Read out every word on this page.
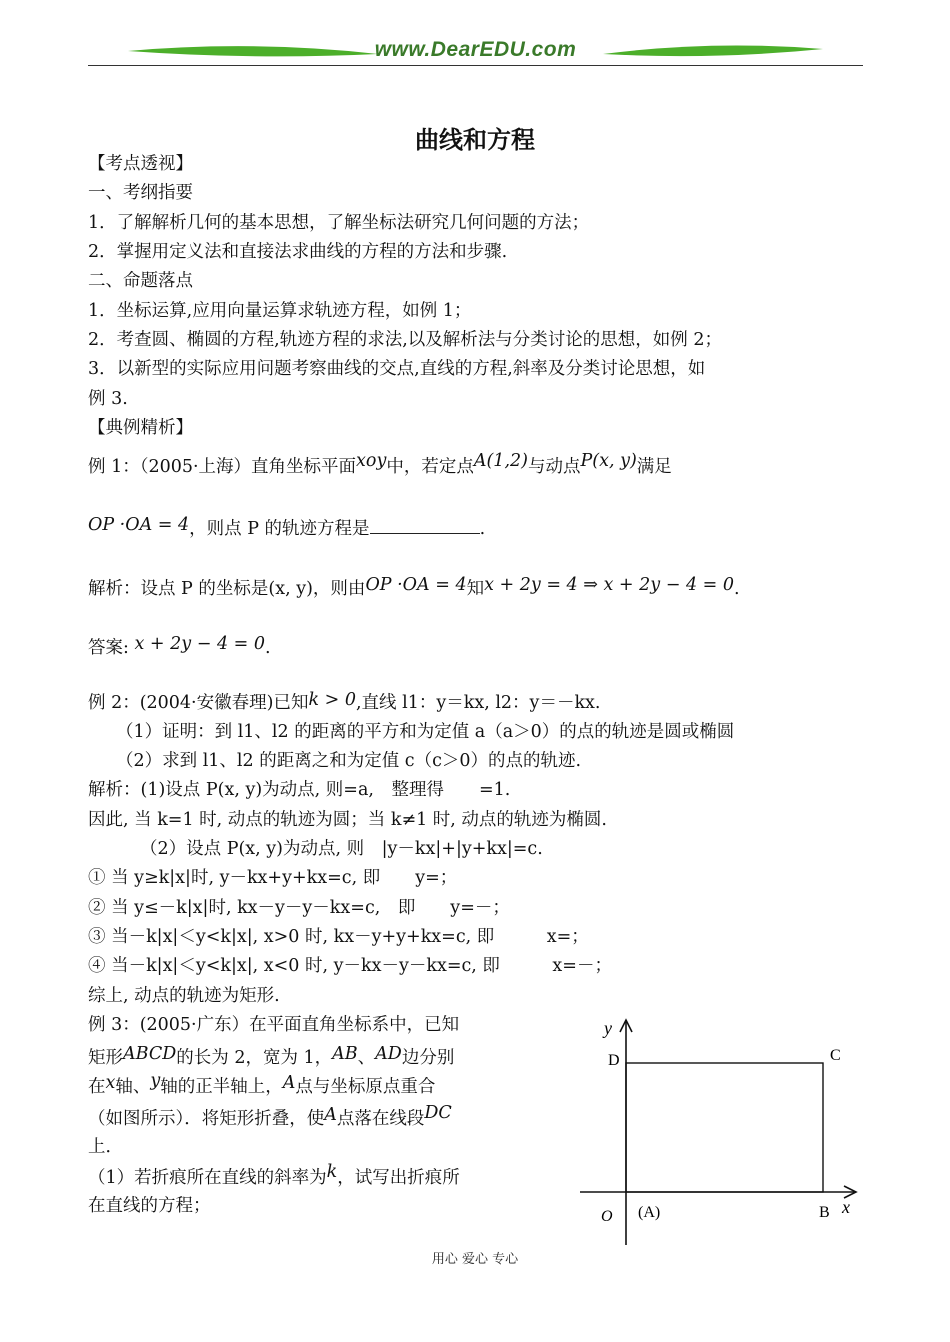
www.DearEDU.com
曲线和方程
【考点透视】
一、考纲指要
1．了解解析几何的基本思想，了解坐标法研究几何问题的方法；
2．掌握用定义法和直接法求曲线的方程的方法和步骤.
二、命题落点
1．坐标运算,应用向量运算求轨迹方程，如例 1；
2．考查圆、椭圆的方程,轨迹方程的求法,以及解析法与分类讨论的思想，如例 2；
3．以新型的实际应用问题考察曲线的交点,直线的方程,斜率及分类讨论思想，如
例 3.
【典例精析】
例 1：（2005·上海）直角坐标平面xoy中，若定点A(1,2)与动点P(x, y)满足
OP ·OA = 4，则点 P 的轨迹方程是	.
解析：设点 P 的坐标是(x, y)，则由OP ·OA = 4知x + 2y = 4 ⇒ x + 2y − 4 = 0.
答案: x + 2y − 4 = 0.
例 2：(2004·安徽春理)已知k > 0,直线 l1：y＝kx, l2：y＝－kx.
（1）证明：到 l1、l2 的距离的平方和为定值 a（a＞0）的点的轨迹是圆或椭圆
（2）求到 l1、l2 的距离之和为定值 c（c＞0）的点的轨迹.
解析：(1)设点 P(x, y)为动点, 则=a,　整理得　　=1.
因此, 当 k=1 时, 动点的轨迹为圆；当 k≠1 时, 动点的轨迹为椭圆.
（2）设点 P(x, y)为动点, 则　|y－kx|+|y+kx|=c.
① 当 y≥k|x|时, y－kx+y+kx=c, 即　　y=；
② 当 y≤－k|x|时, kx－y－y－kx=c,　即　　y=－；
③ 当－k|x|＜y<k|x|, x>0 时, kx－y+y+kx=c, 即　　　x=；
④ 当－k|x|＜y<k|x|, x<0 时, y－kx－y－kx=c, 即　　　x=－；
综上, 动点的轨迹为矩形.
例 3：(2005·广东）在平面直角坐标系中，已知
矩形ABCD的长为 2，宽为 1，AB、AD边分别
在x轴、y轴的正半轴上，A点与坐标原点重合
（如图所示）．将矩形折叠，使A点落在线段DC
上．
（1）若折痕所在直线的斜率为k，试写出折痕所
在直线的方程；
y
x
O (A)	B
C
D
用心 爱心 专心
